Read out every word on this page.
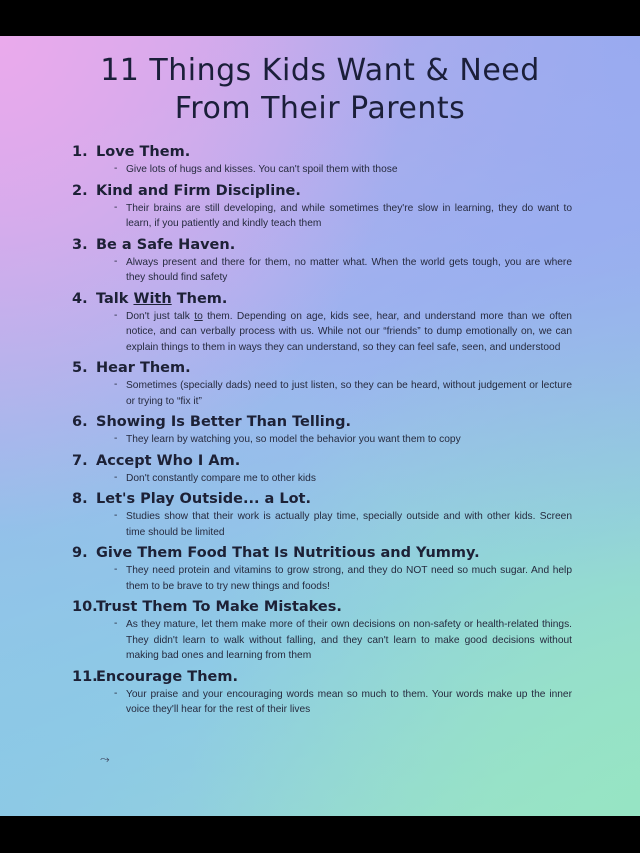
11 Things Kids Want & Need
From Their Parents
1. Love Them.
- Give lots of hugs and kisses. You can't spoil them with those
2. Kind and Firm Discipline.
- Their brains are still developing, and while sometimes they're slow in learning, they do want to learn, if you patiently and kindly teach them
3. Be a Safe Haven.
- Always present and there for them, no matter what. When the world gets tough, you are where they should find safety
4. Talk With Them.
- Don't just talk to them. Depending on age, kids see, hear, and understand more than we often notice, and can verbally process with us. While not our “friends” to dump emotionally on, we can explain things to them in ways they can understand, so they can feel safe, seen, and understood
5. Hear Them.
- Sometimes (specially dads) need to just listen, so they can be heard, without judgement or lecture or trying to “fix it”
6. Showing Is Better Than Telling.
- They learn by watching you, so model the behavior you want them to copy
7. Accept Who I Am.
- Don't constantly compare me to other kids
8. Let's Play Outside... a Lot.
- Studies show that their work is actually play time, specially outside and with other kids. Screen time should be limited
9. Give Them Food That Is Nutritious and Yummy.
- They need protein and vitamins to grow strong, and they do NOT need so much sugar. And help them to be brave to try new things and foods!
10.
Trust Them To Make Mistakes.
- As they mature, let them make more of their own decisions on non-safety or health-related things. They didn't learn to walk without falling, and they can't learn to make good decisions without making bad ones and learning from them
11.
Encourage Them.
- Your praise and your encouraging words mean so much to them. Your words make up the inner voice they'll hear for the rest of their lives
⤳
